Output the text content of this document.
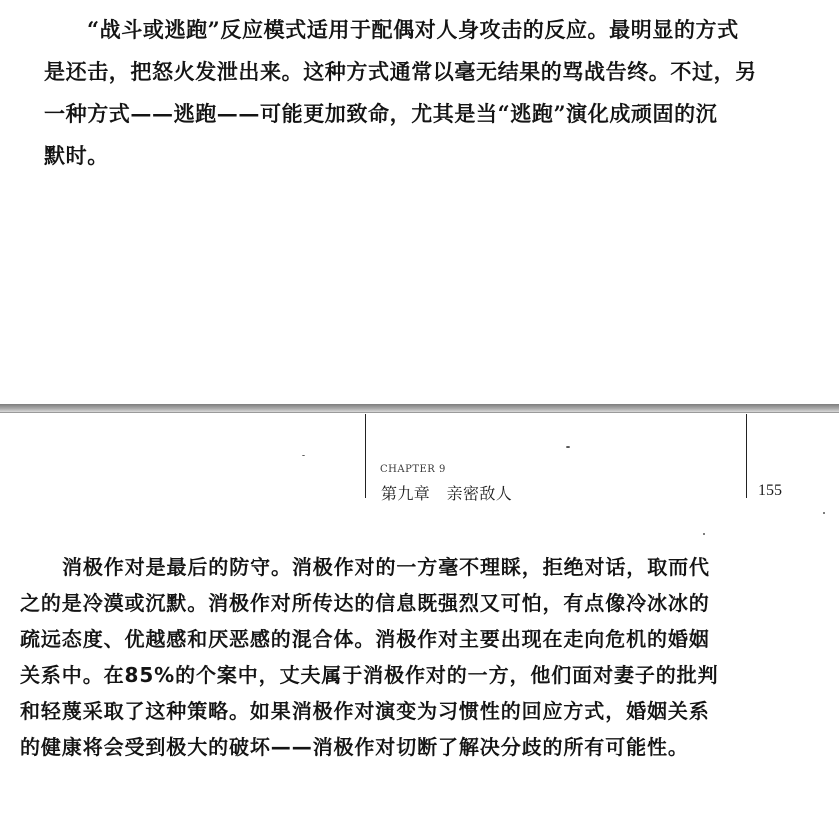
“战斗或逃跑”反应模式适用于配偶对人身攻击的反应。最明显的方式
是还击，把怒火发泄出来。这种方式通常以毫无结果的骂战告终。不过，另
一种方式——逃跑——可能更加致命，尤其是当“逃跑”演化成顽固的沉
默时。

CHAPTER 9
第九章　亲密敌人	155

消极作对是最后的防守。消极作对的一方毫不理睬，拒绝对话，取而代
之的是冷漠或沉默。消极作对所传达的信息既强烈又可怕，有点像冷冰冰的
疏远态度、优越感和厌恶感的混合体。消极作对主要出现在走向危机的婚姻
关系中。在85%的个案中，丈夫属于消极作对的一方，他们面对妻子的批判
和轻蔑采取了这种策略。如果消极作对演变为习惯性的回应方式，婚姻关系
的健康将会受到极大的破坏——消极作对切断了解决分歧的所有可能性。
